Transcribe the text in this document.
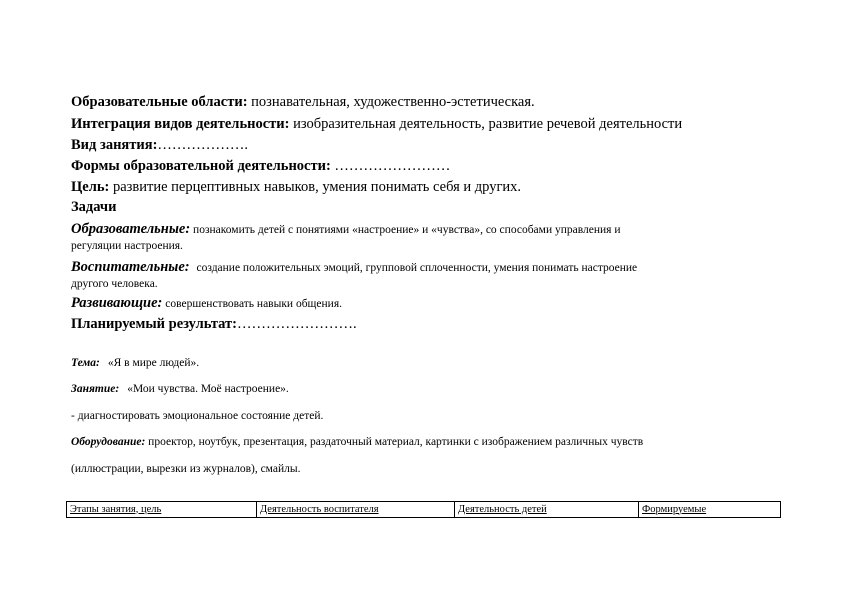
Образовательные области: познавательная, художественно-эстетическая.
Интеграция видов деятельности: изобразительная деятельность, развитие речевой деятельности
Вид занятия:……………….
Формы образовательной деятельности: ……………………
Цель: развитие перцептивных навыков, умения понимать себя и других.
Задачи
Образовательные: познакомить детей с понятиями «настроение» и «чувства», со способами управления и
регуляции настроения.
Воспитательные: создание положительных эмоций, групповой сплоченности, умения понимать настроение
другого человека.
Развивающие: совершенствовать навыки общения.
Планируемый результат:…………………….
Тема: «Я в мире людей».
Занятие: «Мои чувства. Моё настроение».
- диагностировать эмоциональное состояние детей.
Оборудование: проектор, ноутбук, презентация, раздаточный материал, картинки с изображением различных чувств
(иллюстрации, вырезки из журналов), смайлы.
Этапы занятия, цель	Деятельность воспитателя	Деятельность детей	Формируемые
